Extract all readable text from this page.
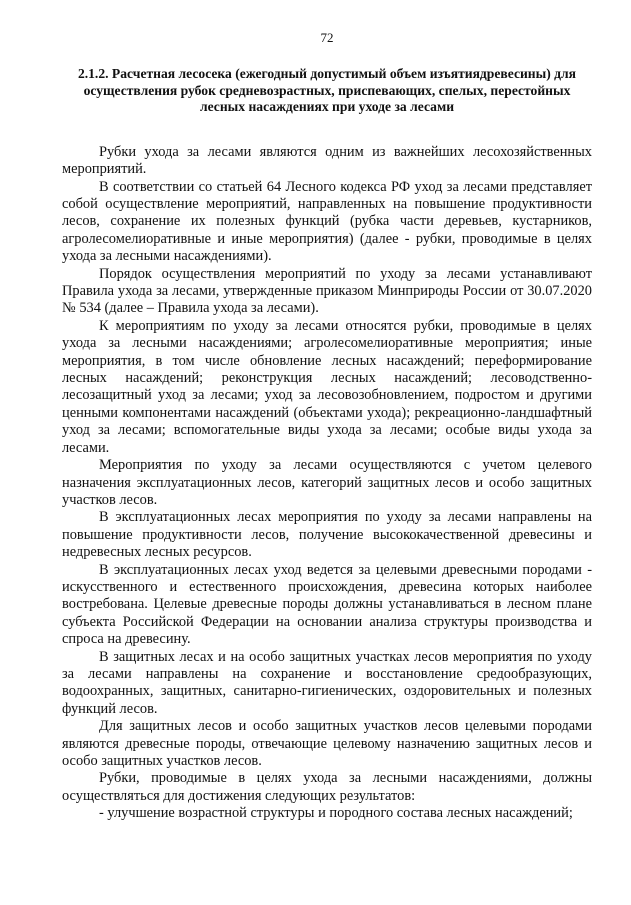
72
2.1.2. Расчетная лесосека (ежегодный допустимый объем изъятиядревесины) для осуществления рубок средневозрастных, приспевающих, спелых, перестойных лесных насаждениях при уходе за лесами

Рубки ухода за лесами являются одним из важнейших лесохозяйственных мероприятий.

В соответствии со статьей 64 Лесного кодекса РФ уход за лесами представляет собой осуществление мероприятий, направленных на повышение продуктивности лесов, сохранение их полезных функций (рубка части деревьев, кустарников, агролесомелиоративные и иные мероприятия) (далее - рубки, проводимые в целях ухода за лесными насаждениями).

Порядок осуществления мероприятий по уходу за лесами устанавливают Правила ухода за лесами, утвержденные приказом Минприроды России от 30.07.2020 № 534 (далее – Правила ухода за лесами).

К мероприятиям по уходу за лесами относятся рубки, проводимые в целях ухода за лесными насаждениями; агролесомелиоративные мероприятия; иные мероприятия, в том числе обновление лесных насаждений; переформирование лесных насаждений; реконструкция лесных насаждений; лесоводственно-лесозащитный уход за лесами; уход за лесовозобновлением, подростом и другими ценными компонентами насаждений (объектами ухода); рекреационно-ландшафтный уход за лесами; вспомогательные виды ухода за лесами; особые виды ухода за лесами.

Мероприятия по уходу за лесами осуществляются с учетом целевого назначения эксплуатационных лесов, категорий защитных лесов и особо защитных участков лесов.

В эксплуатационных лесах мероприятия по уходу за лесами направлены на повышение продуктивности лесов, получение высококачественной древесины и недревесных лесных ресурсов.

В эксплуатационных лесах уход ведется за целевыми древесными породами - искусственного и естественного происхождения, древесина которых наиболее востребована. Целевые древесные породы должны устанавливаться в лесном плане субъекта Российской Федерации на основании анализа структуры производства и спроса на древесину.

В защитных лесах и на особо защитных участках лесов мероприятия по уходу за лесами направлены на сохранение и восстановление средообразующих, водоохранных, защитных, санитарно-гигиенических, оздоровительных и полезных функций лесов.

Для защитных лесов и особо защитных участков лесов целевыми породами являются древесные породы, отвечающие целевому назначению защитных лесов и особо защитных участков лесов.

Рубки, проводимые в целях ухода за лесными насаждениями, должны осуществляться для достижения следующих результатов:

- улучшение возрастной структуры и породного состава лесных насаждений;
